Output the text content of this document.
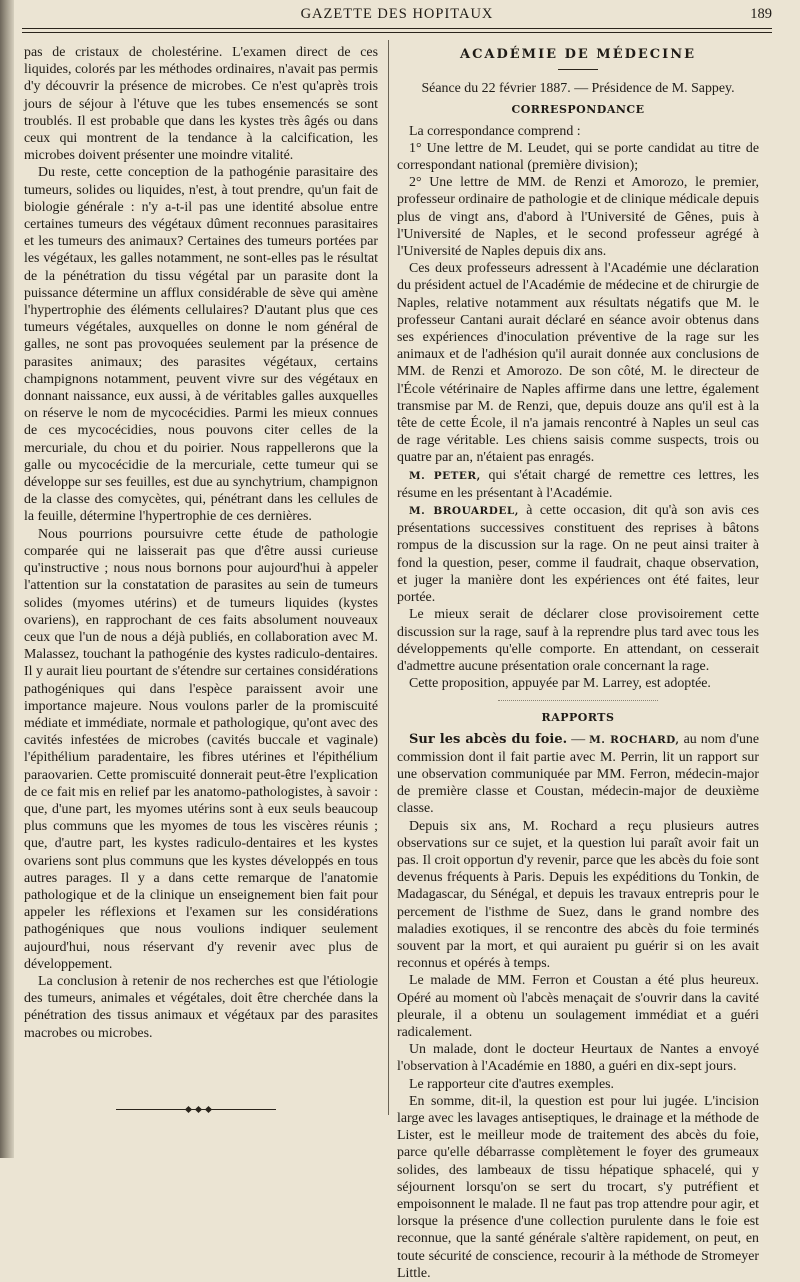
GAZETTE DES HOPITAUX	189

pas de cristaux de cholestérine. L'examen direct de ces liquides, colorés par les méthodes ordinaires, n'avait pas permis d'y découvrir la présence de microbes. Ce n'est qu'après trois jours de séjour à l'étuve que les tubes ensemencés se sont troublés. Il est probable que dans les kystes très âgés ou dans ceux qui montrent de la tendance à la calcification, les microbes doivent présenter une moindre vitalité.

Du reste, cette conception de la pathogénie parasitaire des tumeurs, solides ou liquides, n'est, à tout prendre, qu'un fait de biologie générale : n'y a-t-il pas une identité absolue entre certaines tumeurs des végétaux dûment reconnues parasitaires et les tumeurs des animaux? Certaines des tumeurs portées par les végétaux, les galles notamment, ne sont-elles pas le résultat de la pénétration du tissu végétal par un parasite dont la puissance détermine un afflux considérable de sève qui amène l'hypertrophie des éléments cellulaires? D'autant plus que ces tumeurs végétales, auxquelles on donne le nom général de galles, ne sont pas provoquées seulement par la présence de parasites animaux; des parasites végétaux, certains champignons notamment, peuvent vivre sur des végétaux en donnant naissance, eux aussi, à de véritables galles auxquelles on réserve le nom de mycocécidies. Parmi les mieux connues de ces mycocécidies, nous pouvons citer celles de la mercuriale, du chou et du poirier. Nous rappellerons que la galle ou mycocécidie de la mercuriale, cette tumeur qui se développe sur ses feuilles, est due au synchytrium, champignon de la classe des comycètes, qui, pénétrant dans les cellules de la feuille, détermine l'hypertrophie de ces dernières.

Nous pourrions poursuivre cette étude de pathologie comparée qui ne laisserait pas que d'être aussi curieuse qu'instructive ; nous nous bornons pour aujourd'hui à appeler l'attention sur la constatation de parasites au sein de tumeurs solides (myomes utérins) et de tumeurs liquides (kystes ovariens), en rapprochant de ces faits absolument nouveaux ceux que l'un de nous a déjà publiés, en collaboration avec M. Malassez, touchant la pathogénie des kystes radiculo-dentaires. Il y aurait lieu pourtant de s'étendre sur certaines considérations pathogéniques qui dans l'espèce paraissent avoir une importance majeure. Nous voulons parler de la promiscuité médiate et immédiate, normale et pathologique, qu'ont avec des cavités infestées de microbes (cavités buccale et vaginale) l'épithélium paradentaire, les fibres utérines et l'épithélium paraovarien. Cette promiscuité donnerait peut-être l'explication de ce fait mis en relief par les anatomo-pathologistes, à savoir : que, d'une part, les myomes utérins sont à eux seuls beaucoup plus communs que les myomes de tous les viscères réunis ; que, d'autre part, les kystes radiculo-dentaires et les kystes ovariens sont plus communs que les kystes développés en tous autres parages. Il y a dans cette remarque de l'anatomie pathologique et de la clinique un enseignement bien fait pour appeler les réflexions et l'examen sur les considérations pathogéniques que nous voulions indiquer seulement aujourd'hui, nous réservant d'y revenir avec plus de développement.

La conclusion à retenir de nos recherches est que l'étiologie des tumeurs, animales et végétales, doit être cherchée dans la pénétration des tissus animaux et végétaux par des parasites macrobes ou microbes.

ACADÉMIE DE MÉDECINE

Séance du 22 février 1887. — Présidence de M. Sappey.

CORRESPONDANCE

La correspondance comprend :

1° Une lettre de M. Leudet, qui se porte candidat au titre de correspondant national (première division);

2° Une lettre de MM. de Renzi et Amorozo, le premier, professeur ordinaire de pathologie et de clinique médicale depuis plus de vingt ans, d'abord à l'Université de Gênes, puis à l'Université de Naples, et le second professeur agrégé à l'Université de Naples depuis dix ans.

Ces deux professeurs adressent à l'Académie une déclaration du président actuel de l'Académie de médecine et de chirurgie de Naples, relative notamment aux résultats négatifs que M. le professeur Cantani aurait déclaré en séance avoir obtenus dans ses expériences d'inoculation préventive de la rage sur les animaux et de l'adhésion qu'il aurait donnée aux conclusions de MM. de Renzi et Amorozo. De son côté, M. le directeur de l'École vétérinaire de Naples affirme dans une lettre, également transmise par M. de Renzi, que, depuis douze ans qu'il est à la tête de cette École, il n'a jamais rencontré à Naples un seul cas de rage véritable. Les chiens saisis comme suspects, trois ou quatre par an, n'étaient pas enragés.

M. PETER, qui s'était chargé de remettre ces lettres, les résume en les présentant à l'Académie.

M. BROUARDEL, à cette occasion, dit qu'à son avis ces présentations successives constituent des reprises à bâtons rompus de la discussion sur la rage. On ne peut ainsi traiter à fond la question, peser, comme il faudrait, chaque observation, et juger la manière dont les expériences ont été faites, leur portée.

Le mieux serait de déclarer close provisoirement cette discussion sur la rage, sauf à la reprendre plus tard avec tous les développements qu'elle comporte. En attendant, on cesserait d'admettre aucune présentation orale concernant la rage.

Cette proposition, appuyée par M. Larrey, est adoptée.

RAPPORTS

Sur les abcès du foie. — M. ROCHARD, au nom d'une commission dont il fait partie avec M. Perrin, lit un rapport sur une observation communiquée par MM. Ferron, médecin-major de première classe et Coustan, médecin-major de deuxième classe.

Depuis six ans, M. Rochard a reçu plusieurs autres observations sur ce sujet, et la question lui paraît avoir fait un pas. Il croit opportun d'y revenir, parce que les abcès du foie sont devenus fréquents à Paris. Depuis les expéditions du Tonkin, de Madagascar, du Sénégal, et depuis les travaux entrepris pour le percement de l'isthme de Suez, dans le grand nombre des maladies exotiques, il se rencontre des abcès du foie terminés souvent par la mort, et qui auraient pu guérir si on les avait reconnus et opérés à temps.

Le malade de MM. Ferron et Coustan a été plus heureux. Opéré au moment où l'abcès menaçait de s'ouvrir dans la cavité pleurale, il a obtenu un soulagement immédiat et a guéri radicalement.

Un malade, dont le docteur Heurtaux de Nantes a envoyé l'observation à l'Académie en 1880, a guéri en dix-sept jours.

Le rapporteur cite d'autres exemples.

En somme, dit-il, la question est pour lui jugée. L'incision large avec les lavages antiseptiques, le drainage et la méthode de Lister, est le meilleur mode de traitement des abcès du foie, parce qu'elle débarrasse complètement le foyer des grumeaux solides, des lambeaux de tissu hépatique sphacelé, qui y séjournent lorsqu'on se sert du trocart, s'y putréfient et empoisonnent le malade. Il ne faut pas trop attendre pour agir, et lorsque la présence d'une collection purulente dans le foie est reconnue, que la santé générale s'altère rapidement, on peut, en toute sécurité de conscience, recourir à la méthode de Stromeyer Little.
